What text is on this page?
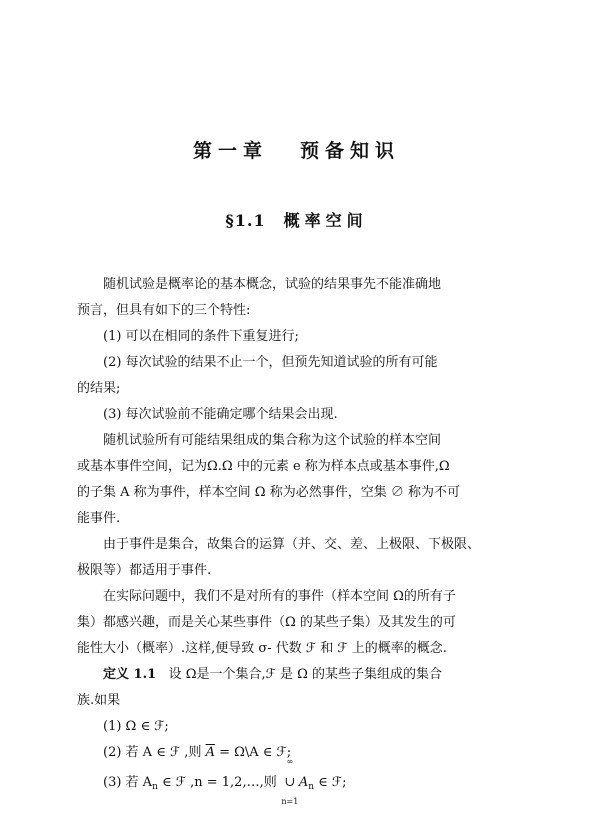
第一章 预备知识
§1.1 概率空间
随机试验是概率论的基本概念，试验的结果事先不能准确地
预言，但具有如下的三个特性:
(1) 可以在相同的条件下重复进行;
(2) 每次试验的结果不止一个，但预先知道试验的所有可能
的结果;
(3) 每次试验前不能确定哪个结果会出现.
随机试验所有可能结果组成的集合称为这个试验的样本空间
或基本事件空间，记为Ω.Ω 中的元素 e 称为样本点或基本事件,Ω
的子集 A 称为事件，样本空间 Ω 称为必然事件，空集 ∅ 称为不可
能事件.
由于事件是集合，故集合的运算（并、交、差、上极限、下极限、
极限等）都适用于事件.
在实际问题中，我们不是对所有的事件（样本空间 Ω的所有子
集）都感兴趣，而是关心某些事件（Ω 的某些子集）及其发生的可
能性大小（概率）.这样,便导致 σ- 代数 ℱ 和 ℱ 上的概率的概念.
定义 1.1 设 Ω是一个集合,ℱ 是 Ω 的某些子集组成的集合
族.如果
(1) Ω ∈ ℱ;
(2) 若 A ∈ ℱ ,则 $\overline{A}$ = Ω\A ∈ ℱ;
(3) 若 $A_n$ ∈ ℱ ,n = 1,2,…,则
∞
∪
n=1
$A_n$ ∈ ℱ;
